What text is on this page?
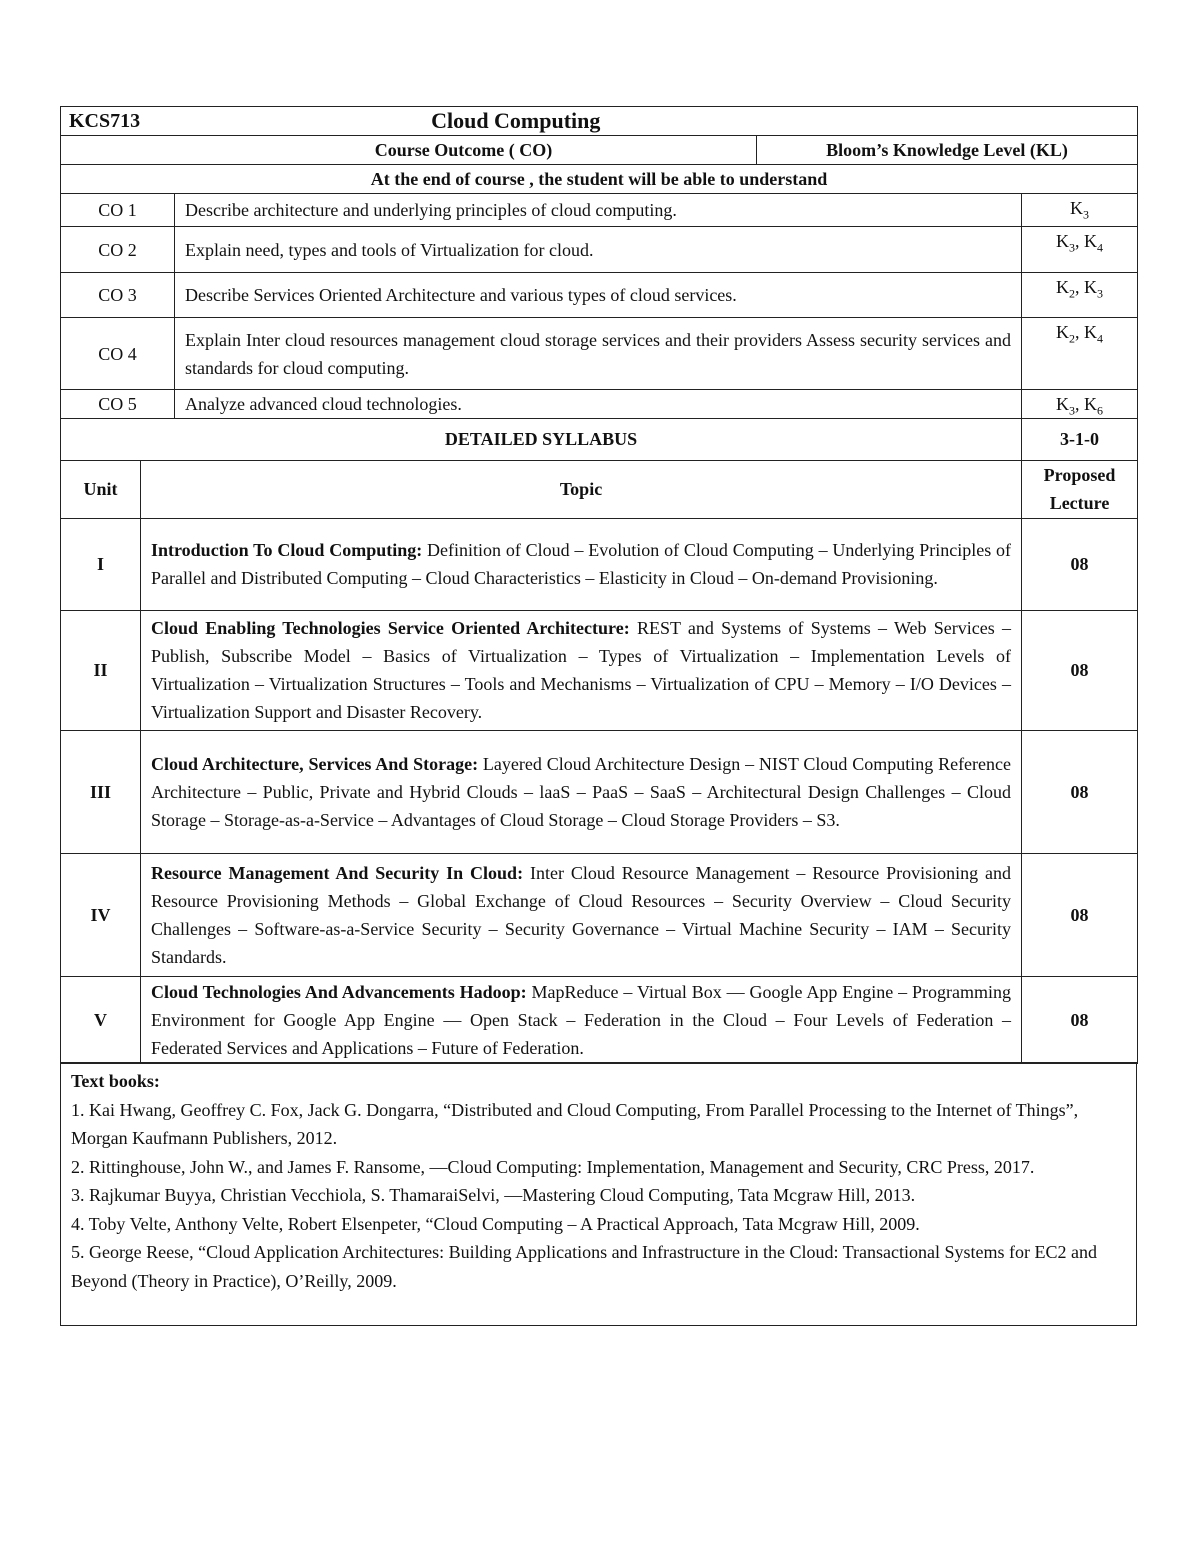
KCS713	Cloud Computing		
Course Outcome ( CO)		Bloom’s Knowledge Level (KL)	
At the end of course , the student will be able to understand			
CO 1	Describe architecture and underlying principles of cloud computing.		$K_3$
CO 2	Explain need, types and tools of Virtualization for cloud.		$K_3$, $K_4$
CO 3	Describe Services Oriented Architecture and various types of cloud services.		$K_2$, $K_3$
CO 4	Explain Inter cloud resources management cloud storage services and their providers Assess security services and standards for cloud computing.		$K_2$, $K_4$
CO 5	Analyze advanced cloud technologies.		$K_3$, $K_6$
DETAILED SYLLABUS		3-1-0
Unit	Topic	Proposed Lecture
I	Introduction To Cloud Computing: Definition of Cloud – Evolution of Cloud Computing – Underlying Principles of Parallel and Distributed Computing – Cloud Characteristics – Elasticity in Cloud – On-demand Provisioning.	08
II	Cloud Enabling Technologies Service Oriented Architecture: REST and Systems of Systems – Web Services – Publish, Subscribe Model – Basics of Virtualization – Types of Virtualization – Implementation Levels of Virtualization – Virtualization Structures – Tools and Mechanisms – Virtualization of CPU – Memory – I/O Devices –Virtualization Support and Disaster Recovery.	08
III	Cloud Architecture, Services And Storage: Layered Cloud Architecture Design – NIST Cloud Computing Reference Architecture – Public, Private and Hybrid Clouds – laaS – PaaS – SaaS – Architectural Design Challenges – Cloud Storage – Storage-as-a-Service – Advantages of Cloud Storage – Cloud Storage Providers – S3.	08
IV	Resource Management And Security In Cloud: Inter Cloud Resource Management – Resource Provisioning and Resource Provisioning Methods – Global Exchange of Cloud Resources – Security Overview – Cloud Security Challenges – Software-as-a-Service Security – Security Governance – Virtual Machine Security – IAM – Security Standards.	08
V	Cloud Technologies And Advancements Hadoop: MapReduce – Virtual Box — Google App Engine – Programming Environment for Google App Engine — Open Stack – Federation in the Cloud – Four Levels of Federation – Federated Services and Applications – Future of Federation.	08
Text books:
1. Kai Hwang, Geoffrey C. Fox, Jack G. Dongarra, “Distributed and Cloud Computing, From Parallel Processing to the Internet of Things”, Morgan Kaufmann Publishers, 2012.
2. Rittinghouse, John W., and James F. Ransome, —Cloud Computing: Implementation, Management and Security, CRC Press, 2017.
3. Rajkumar Buyya, Christian Vecchiola, S. ThamaraiSelvi, —Mastering Cloud Computing, Tata Mcgraw Hill, 2013.
4. Toby Velte, Anthony Velte, Robert Elsenpeter, “Cloud Computing – A Practical Approach, Tata Mcgraw Hill, 2009.
5. George Reese, “Cloud Application Architectures: Building Applications and Infrastructure in the Cloud: Transactional Systems for EC2 and Beyond (Theory in Practice), O’Reilly, 2009.
